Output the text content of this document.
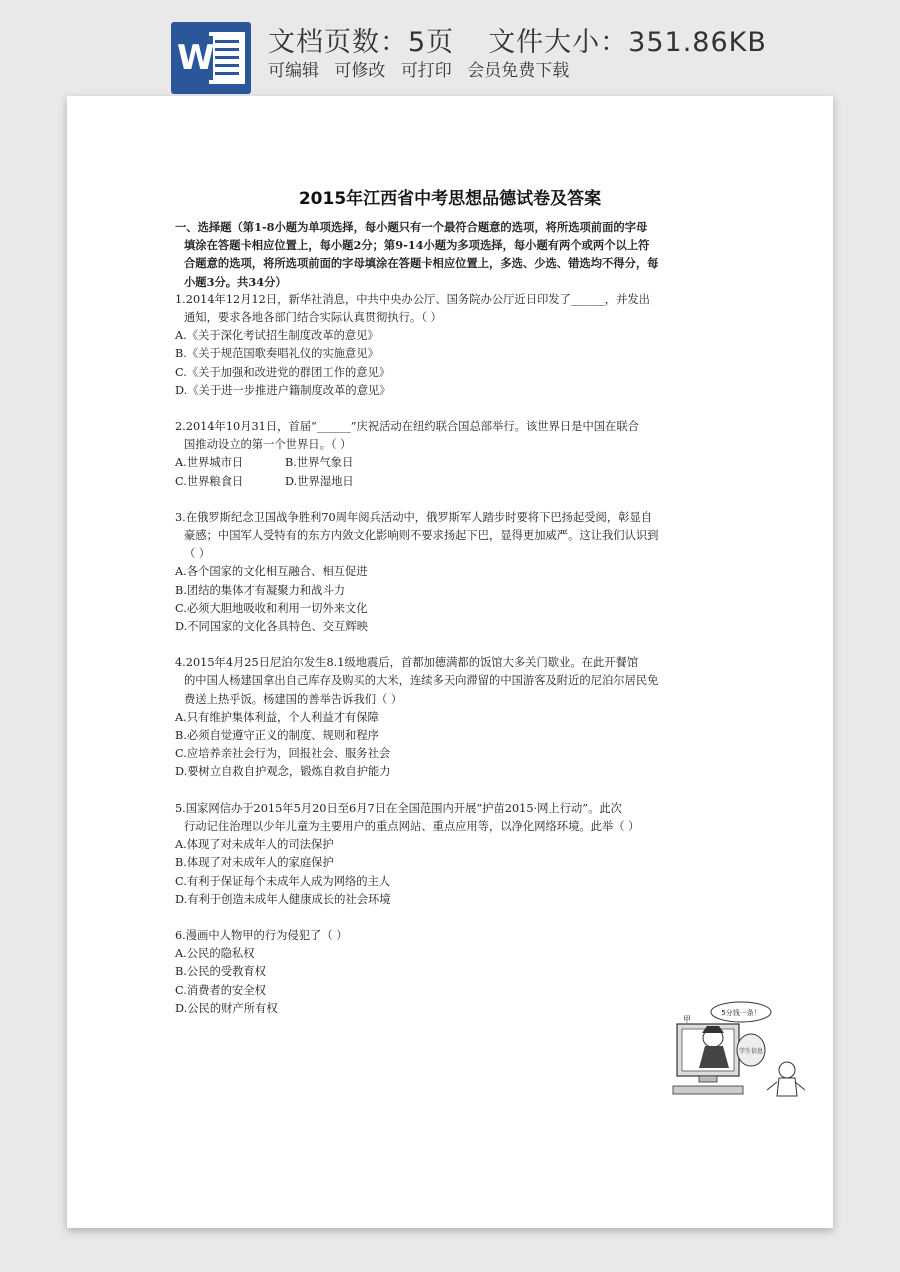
W 文档页数：5页 文件大小：351.86KB
可编辑 可修改 可打印 会员免费下载
2015年江西省中考思想品德试卷及答案

一、选择题（第1-8小题为单项选择，每小题只有一个最符合题意的选项，将所选项前面的字母

填涂在答题卡相应位置上，每小题2分；第9-14小题为多项选择，每小题有两个或两个以上符

合题意的选项，将所选项前面的字母填涂在答题卡相应位置上，多选、少选、错选均不得分，每

小题3分。共34分）

1.2014年12月12日，新华社消息，中共中央办公厅、国务院办公厅近日印发了______，并发出

通知，要求各地各部门结合实际认真贯彻执行。（ ）

A.《关于深化考试招生制度改革的意见》

B.《关于规范国歌奏唱礼仪的实施意见》

C.《关于加强和改进党的群团工作的意见》

D.《关于进一步推进户籍制度改革的意见》

2.2014年10月31日，首届“______”庆祝活动在纽约联合国总部举行。该世界日是中国在联合

国推动设立的第一个世界日。（ ）

A.世界城市日	B.世界气象日
C.世界粮食日	D.世界湿地日

3.在俄罗斯纪念卫国战争胜利70周年阅兵活动中，俄罗斯军人踏步时要将下巴扬起受阅，彰显自

豪感；中国军人受特有的东方内敛文化影响则不要求扬起下巴，显得更加威严。这让我们认识到

（ ）

A.各个国家的文化相互融合、相互促进

B.团结的集体才有凝聚力和战斗力

C.必须大胆地吸收和利用一切外来文化

D.不同国家的文化各具特色、交互辉映

4.2015年4月25日尼泊尔发生8.1级地震后，首都加德满都的饭馆大多关门歇业。在此开餐馆

的中国人杨建国拿出自己库存及购买的大米，连续多天向滞留的中国游客及附近的尼泊尔居民免

费送上热乎饭。杨建国的善举告诉我们（ ）

A.只有维护集体利益，个人利益才有保障

B.必须自觉遵守正义的制度、规则和程序

C.应培养亲社会行为，回报社会、服务社会

D.要树立自救自护观念，锻炼自救自护能力

5.国家网信办于2015年5月20日至6月7日在全国范围内开展“护苗2015·网上行动”。此次

行动记住治理以少年儿童为主要用户的重点网站、重点应用等，以净化网络环境。此举（ ）

A.体现了对未成年人的司法保护

B.体现了对未成年人的家庭保护

C.有利于保证每个未成年人成为网络的主人

D.有利于创造未成年人健康成长的社会环境

6.漫画中人物甲的行为侵犯了（ ）

A.公民的隐私权

B.公民的受教育权

C.消费者的安全权

D.公民的财产所有权	5分钱一条！
甲
学生信息
